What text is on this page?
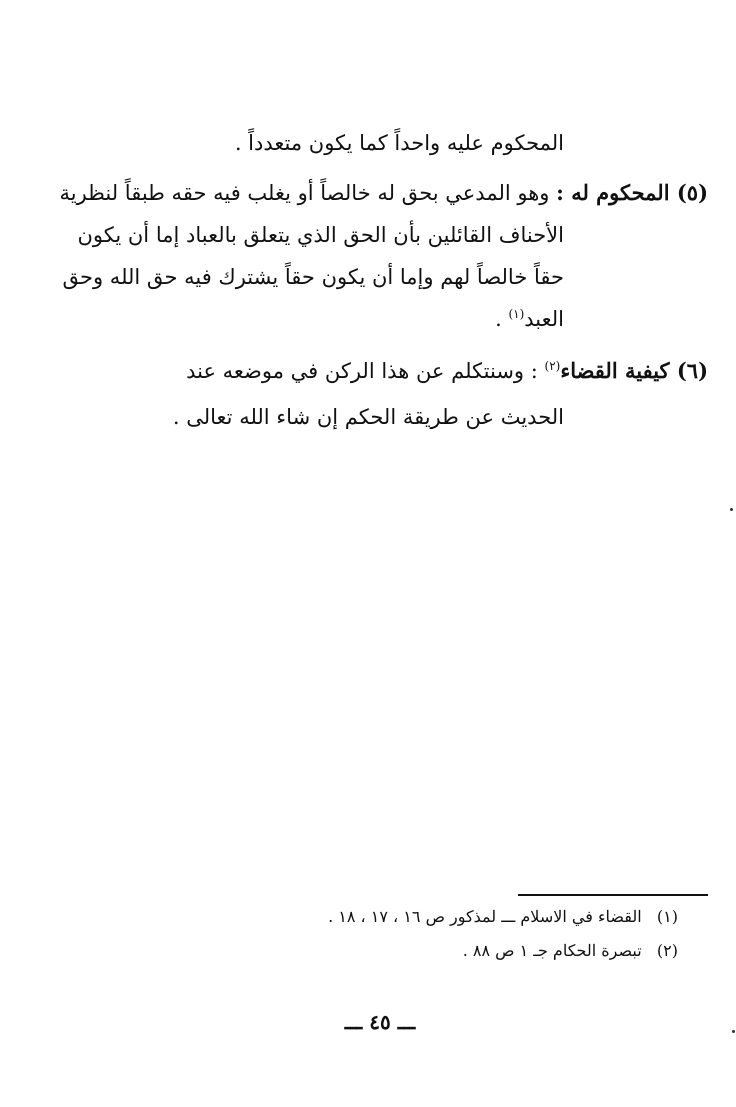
المحكوم عليه واحداً كما يكون متعدداً .
(٥) المحكوم له : وهو المدعي بحق له خالصاً أو يغلب فيه حقه طبقاً لنظرية
الأحناف القائلين بأن الحق الذي يتعلق بالعباد إما أن يكون
حقاً خالصاً لهم وإما أن يكون حقاً يشترك فيه حق الله وحق
العبد$^{(١)}$ .
(٦) كيفية القضاء$^{(٢)}$ : وسنتكلم عن هذا الركن في موضعه عند
الحديث عن طريقة الحكم إن شاء الله تعالى .
(١)   القضاء في الاسلام ـــ لمذكور ص ١٦ ، ١٧ ، ١٨ .
(٢)   تبصرة الحكام جـ ١ ص ٨٨ .
ـــ ٤٥ ـــ
